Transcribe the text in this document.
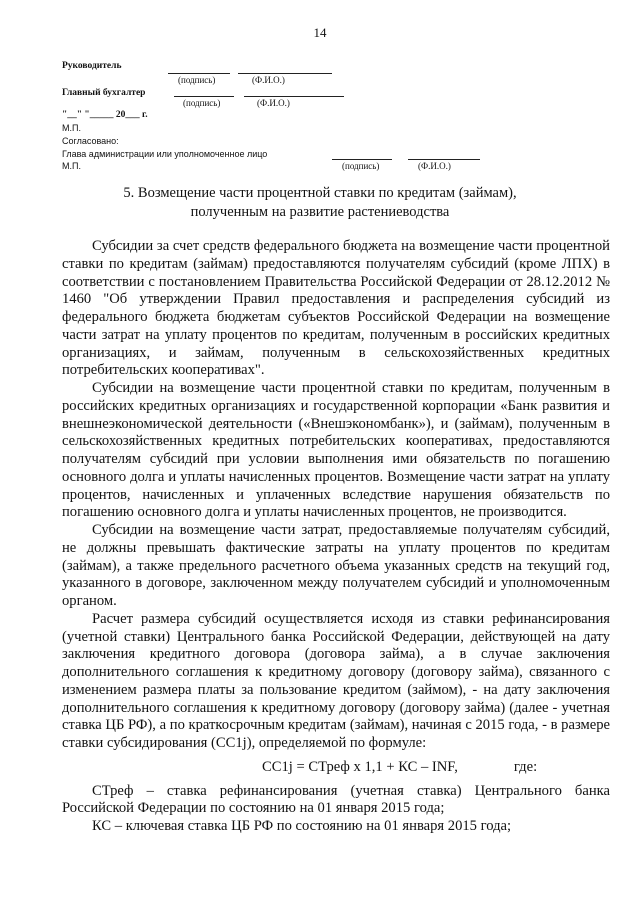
14
Руководитель
(подпись)	(Ф.И.О.)
Главный бухгалтер
(подпись)	(Ф.И.О.)
"__" "_____ 20___ г.
М.П.
Согласовано:
Глава администрации или уполномоченное лицо
М.П.	(подпись)	(Ф.И.О.)
5. Возмещение части процентной ставки по кредитам (займам),
полученным на развитие растениеводства

Субсидии за счет средств федерального бюджета на возмещение части процентной ставки по кредитам (займам) предоставляются получателям субсидий (кроме ЛПХ) в соответствии с постановлением Правительства Российской Федерации от 28.12.2012 № 1460 "Об утверждении Правил предоставления и распределения субсидий из федерального бюджета бюджетам субъектов Российской Федерации на возмещение части затрат на уплату процентов по кредитам, полученным в российских кредитных организациях, и займам, полученным в сельскохозяйственных кредитных потребительских кооперативах".

Субсидии на возмещение части процентной ставки по кредитам, полученным в российских кредитных организациях и государственной корпорации «Банк развития и внешнеэкономической деятельности («Внешэкономбанк»), и (займам), полученным в сельскохозяйственных кредитных потребительских кооперативах, предоставляются получателям субсидий при условии выполнения ими обязательств по погашению основного долга и уплаты начисленных процентов. Возмещение части затрат на уплату процентов, начисленных и уплаченных вследствие нарушения обязательств по погашению основного долга и уплаты начисленных процентов, не производится.

Субсидии на возмещение части затрат, предоставляемые получателям субсидий, не должны превышать фактические затраты на уплату процентов по кредитам (займам), а также предельного расчетного объема указанных средств на текущий год, указанного в договоре, заключенном между получателем субсидий и уполномоченным органом.

Расчет размера субсидий осуществляется исходя из ставки рефинансирования (учетной ставки) Центрального банка Российской Федерации, действующей на дату заключения кредитного договора (договора займа), а в случае заключения дополнительного соглашения к кредитному договору (договору займа), связанного с изменением размера платы за пользование кредитом (займом), - на дату заключения дополнительного соглашения к кредитному договору (договору займа) (далее - учетная ставка ЦБ РФ), а по краткосрочным кредитам (займам), начиная с 2015 года, - в размере ставки субсидирования (СС1j), определяемой по формуле:

СС1j = СТреф х 1,1 + КС – INF,	где:

СТреф – ставка рефинансирования (учетная ставка) Центрального банка Российской Федерации по состоянию на 01 января 2015 года;

КС – ключевая ставка ЦБ РФ по состоянию на 01 января 2015 года;
